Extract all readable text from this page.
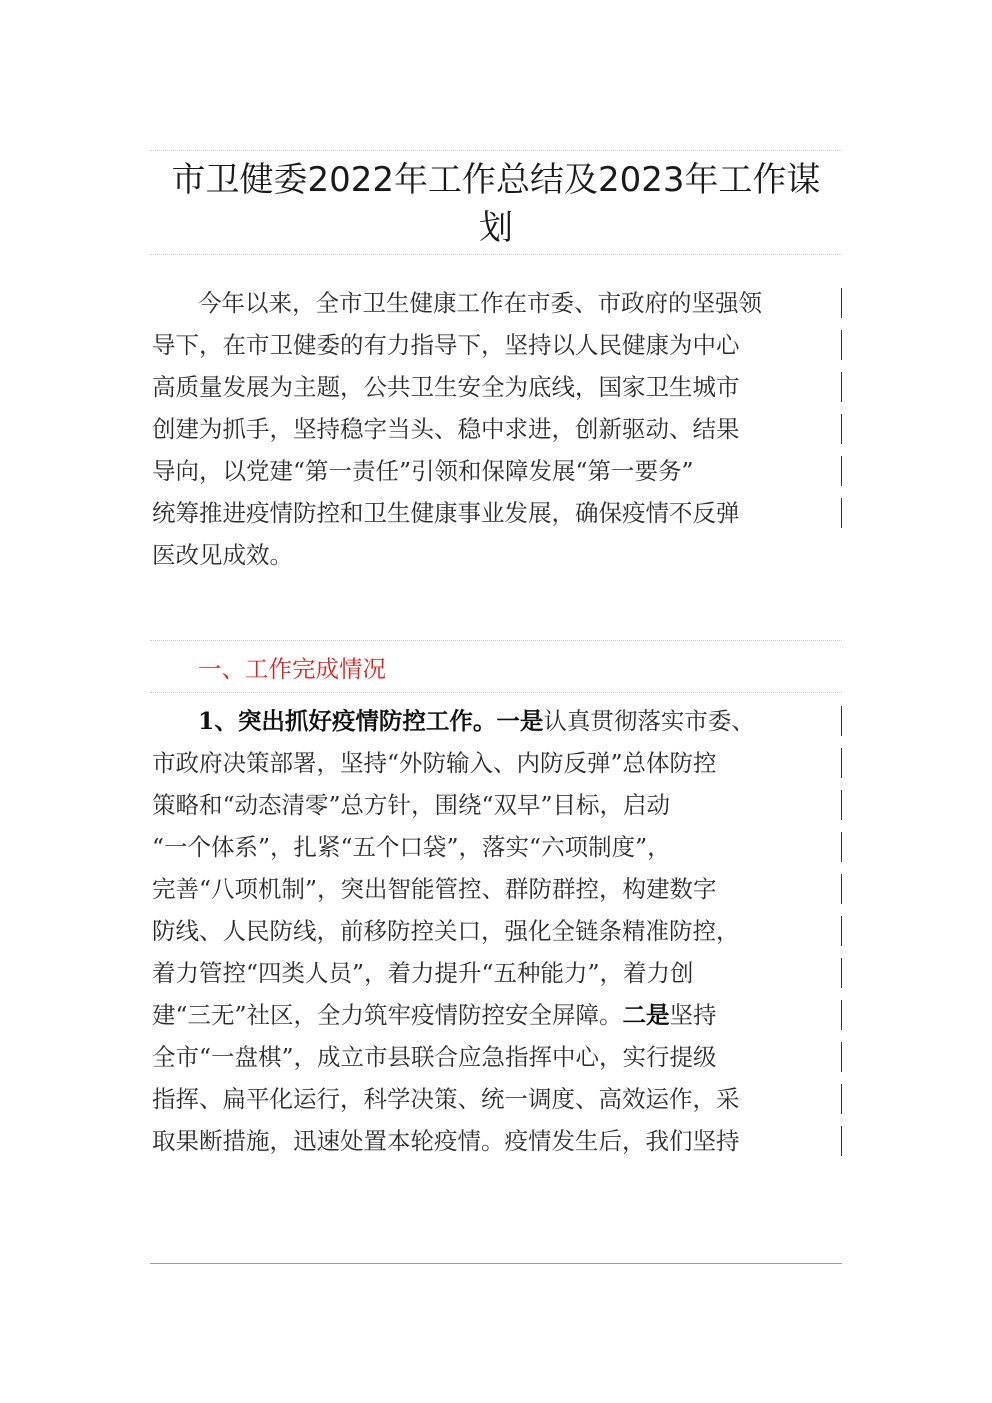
市卫健委2022年工作总结及2023年工作谋
划
今年以来，全市卫生健康工作在市委、市政府的坚强领
导下，在市卫健委的有力指导下，坚持以人民健康为中心
高质量发展为主题，公共卫生安全为底线，国家卫生城市
创建为抓手，坚持稳字当头、稳中求进，创新驱动、结果
导向，以党建“第一责任”引领和保障发展“第一要务”
统筹推进疫情防控和卫生健康事业发展，确保疫情不反弹
医改见成效。
一、工作完成情况
1、突出抓好疫情防控工作。一是认真贯彻落实市委、
市政府决策部署，坚持“外防输入、内防反弹”总体防控
策略和“动态清零”总方针，围绕“双早”目标，启动
“一个体系”，扎紧“五个口袋”，落实“六项制度”，
完善“八项机制”，突出智能管控、群防群控，构建数字
防线、人民防线，前移防控关口，强化全链条精准防控，
着力管控“四类人员”，着力提升“五种能力”，着力创
建“三无”社区，全力筑牢疫情防控安全屏障。二是坚持
全市“一盘棋”，成立市县联合应急指挥中心，实行提级
指挥、扁平化运行，科学决策、统一调度、高效运作，采
取果断措施，迅速处置本轮疫情。疫情发生后，我们坚持
